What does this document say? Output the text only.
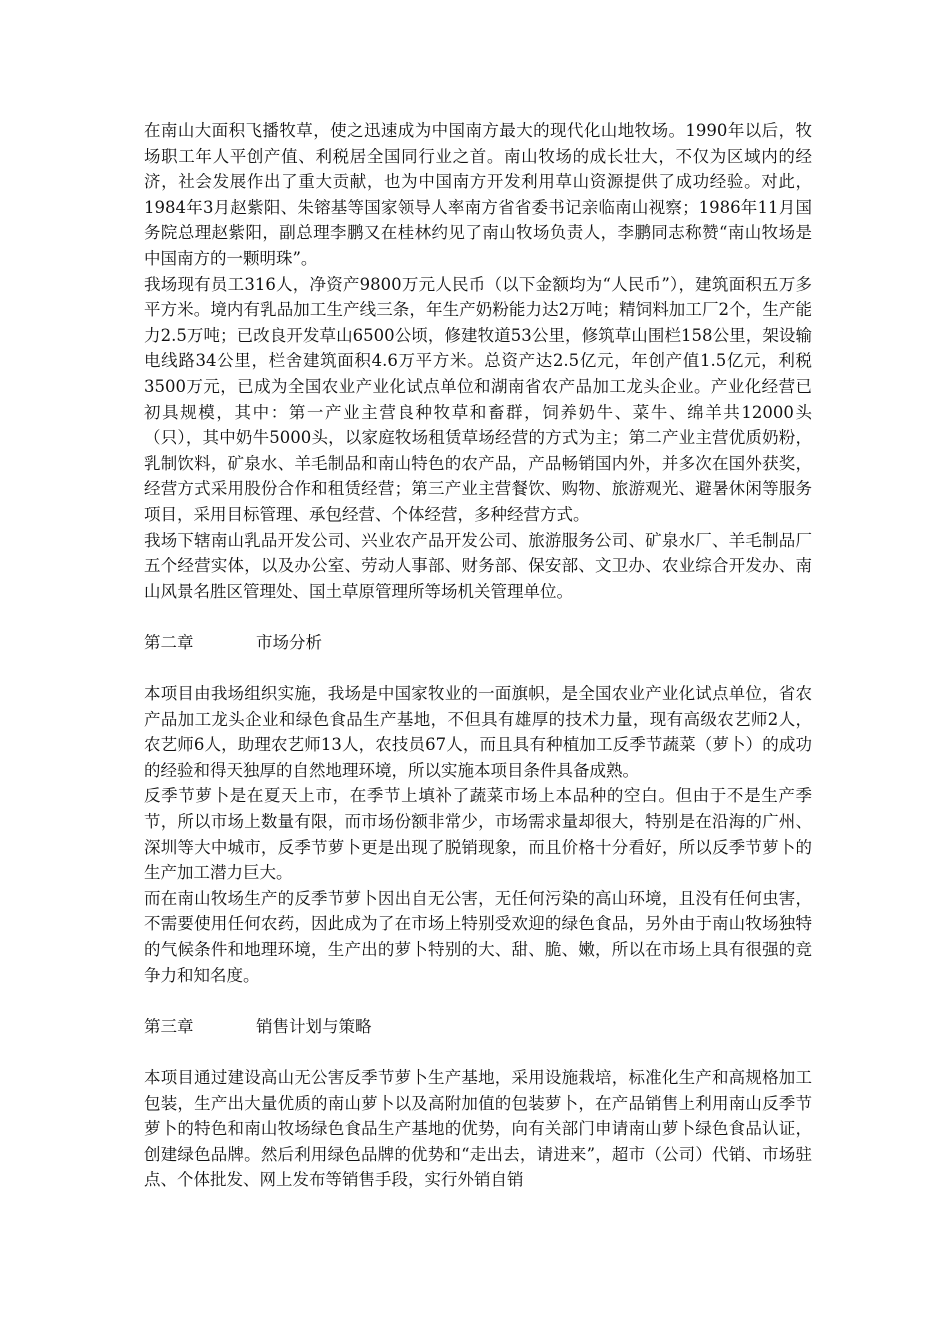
在南山大面积飞播牧草，使之迅速成为中国南方最大的现代化山地牧场。1990年以后，牧场职工年人平创产值、利税居全国同行业之首。南山牧场的成长壮大，不仅为区域内的经济，社会发展作出了重大贡献，也为中国南方开发利用草山资源提供了成功经验。对此，1984年3月赵紫阳、朱镕基等国家领导人率南方省省委书记亲临南山视察；1986年11月国务院总理赵紫阳，副总理李鹏又在桂林约见了南山牧场负责人，李鹏同志称赞“南山牧场是中国南方的一颗明珠”。

我场现有员工316人，净资产9800万元人民币（以下金额均为“人民币”），建筑面积五万多平方米。境内有乳品加工生产线三条，年生产奶粉能力达2万吨；精饲料加工厂2个，生产能力2.5万吨；已改良开发草山6500公顷，修建牧道53公里，修筑草山围栏158公里，架设输电线路34公里，栏舍建筑面积4.6万平方米。总资产达2.5亿元，年创产值1.5亿元，利税3500万元，已成为全国农业产业化试点单位和湖南省农产品加工龙头企业。产业化经营已初具规模，其中：第一产业主营良种牧草和畜群，饲养奶牛、菜牛、绵羊共12000头（只），其中奶牛5000头，以家庭牧场租赁草场经营的方式为主；第二产业主营优质奶粉，乳制饮料，矿泉水、羊毛制品和南山特色的农产品，产品畅销国内外，并多次在国外获奖，经营方式采用股份合作和租赁经营；第三产业主营餐饮、购物、旅游观光、避暑休闲等服务项目，采用目标管理、承包经营、个体经营，多种经营方式。

我场下辖南山乳品开发公司、兴业农产品开发公司、旅游服务公司、矿泉水厂、羊毛制品厂五个经营实体，以及办公室、劳动人事部、财务部、保安部、文卫办、农业综合开发办、南山风景名胜区管理处、国土草原管理所等场机关管理单位。

第二章	市场分析

本项目由我场组织实施，我场是中国家牧业的一面旗帜，是全国农业产业化试点单位，省农产品加工龙头企业和绿色食品生产基地，不但具有雄厚的技术力量，现有高级农艺师2人，农艺师6人，助理农艺师13人，农技员67人，而且具有种植加工反季节蔬菜（萝卜）的成功的经验和得天独厚的自然地理环境，所以实施本项目条件具备成熟。

反季节萝卜是在夏天上市，在季节上填补了蔬菜市场上本品种的空白。但由于不是生产季节，所以市场上数量有限，而市场份额非常少，市场需求量却很大，特别是在沿海的广州、深圳等大中城市，反季节萝卜更是出现了脱销现象，而且价格十分看好，所以反季节萝卜的生产加工潜力巨大。

而在南山牧场生产的反季节萝卜因出自无公害，无任何污染的高山环境，且没有任何虫害，不需要使用任何农药，因此成为了在市场上特别受欢迎的绿色食品，另外由于南山牧场独特的气候条件和地理环境，生产出的萝卜特别的大、甜、脆、嫩，所以在市场上具有很强的竞争力和知名度。

第三章	销售计划与策略

本项目通过建设高山无公害反季节萝卜生产基地，采用设施栽培，标准化生产和高规格加工包装，生产出大量优质的南山萝卜以及高附加值的包装萝卜，在产品销售上利用南山反季节萝卜的特色和南山牧场绿色食品生产基地的优势，向有关部门申请南山萝卜绿色食品认证，创建绿色品牌。然后利用绿色品牌的优势和“走出去，请进来”，超市（公司）代销、市场驻点、个体批发、网上发布等销售手段，实行外销自销
